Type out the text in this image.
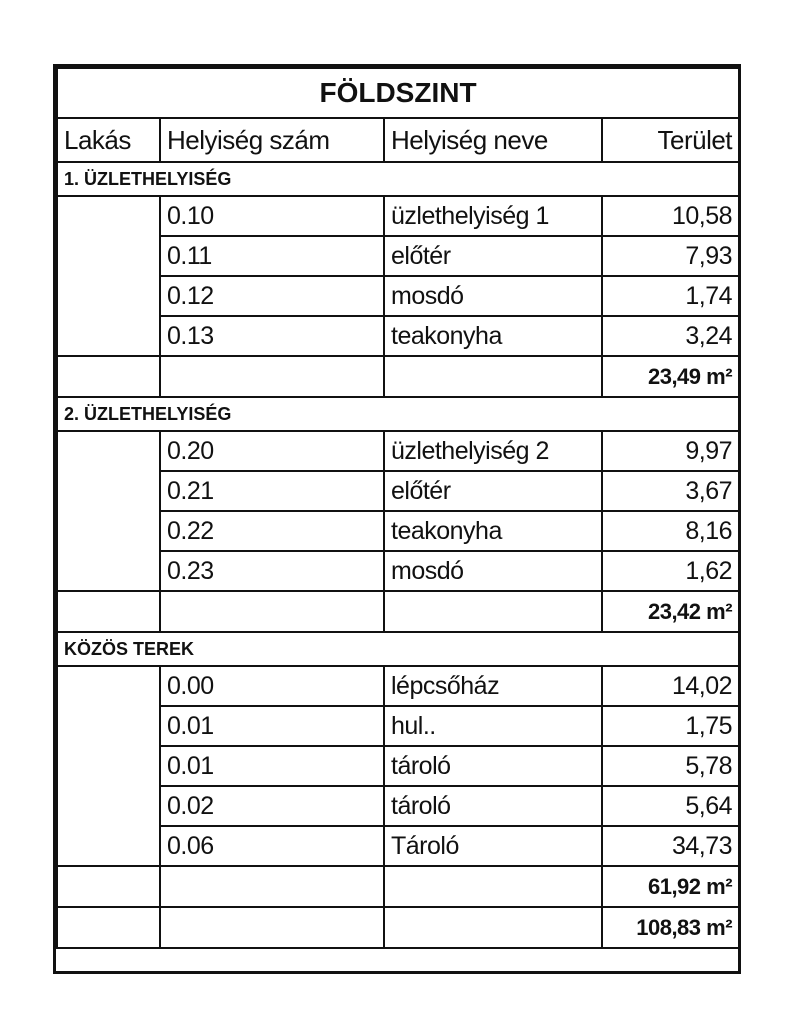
FÖLDSZINT			
Lakás	Helyiség szám	Helyiség neve	Terület
1. ÜZLETHELYISÉG			
	0.10	üzlethelyiség 1	10,58
	0.11	előtér	7,93
	0.12	mosdó	1,74
	0.13	teakonyha	3,24
			23,49 m²
2. ÜZLETHELYISÉG			
	0.20	üzlethelyiség 2	9,97
	0.21	előtér	3,67
	0.22	teakonyha	8,16
	0.23	mosdó	1,62
			23,42 m²
KÖZÖS TEREK			
	0.00	lépcsőház	14,02
	0.01	hul..	1,75
	0.01	tároló	5,78
	0.02	tároló	5,64
	0.06	Tároló	34,73
			61,92 m²
			108,83 m²
